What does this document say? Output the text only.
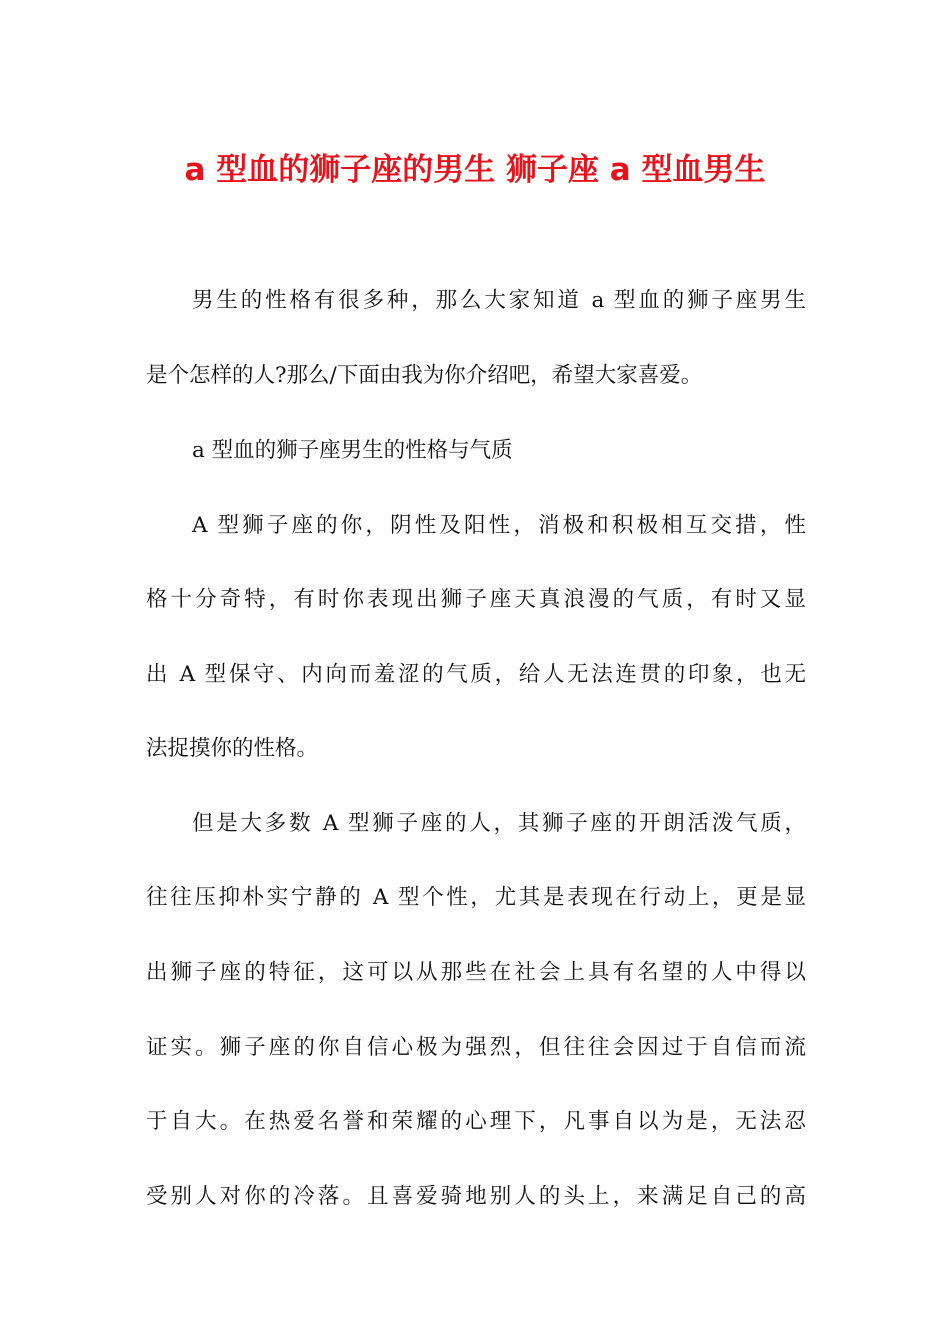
a 型血的狮子座的男生 狮子座 a 型血男生

男生的性格有很多种，那么大家知道 a 型血的狮子座男生

是个怎样的人?那么/下面由我为你介绍吧，希望大家喜爱。

a 型血的狮子座男生的性格与气质

A 型狮子座的你，阴性及阳性，消极和积极相互交措，性

格十分奇特，有时你表现出狮子座天真浪漫的气质，有时又显

出 A 型保守、内向而羞涩的气质，给人无法连贯的印象，也无

法捉摸你的性格。

但是大多数 A 型狮子座的人，其狮子座的开朗活泼气质，

往往压抑朴实宁静的 A 型个性，尤其是表现在行动上，更是显

出狮子座的特征，这可以从那些在社会上具有名望的人中得以

证实。狮子座的你自信心极为强烈，但往往会因过于自信而流

于自大。在热爱名誉和荣耀的心理下，凡事自以为是，无法忍

受别人对你的冷落。且喜爱骑地别人的头上，来满足自己的高
